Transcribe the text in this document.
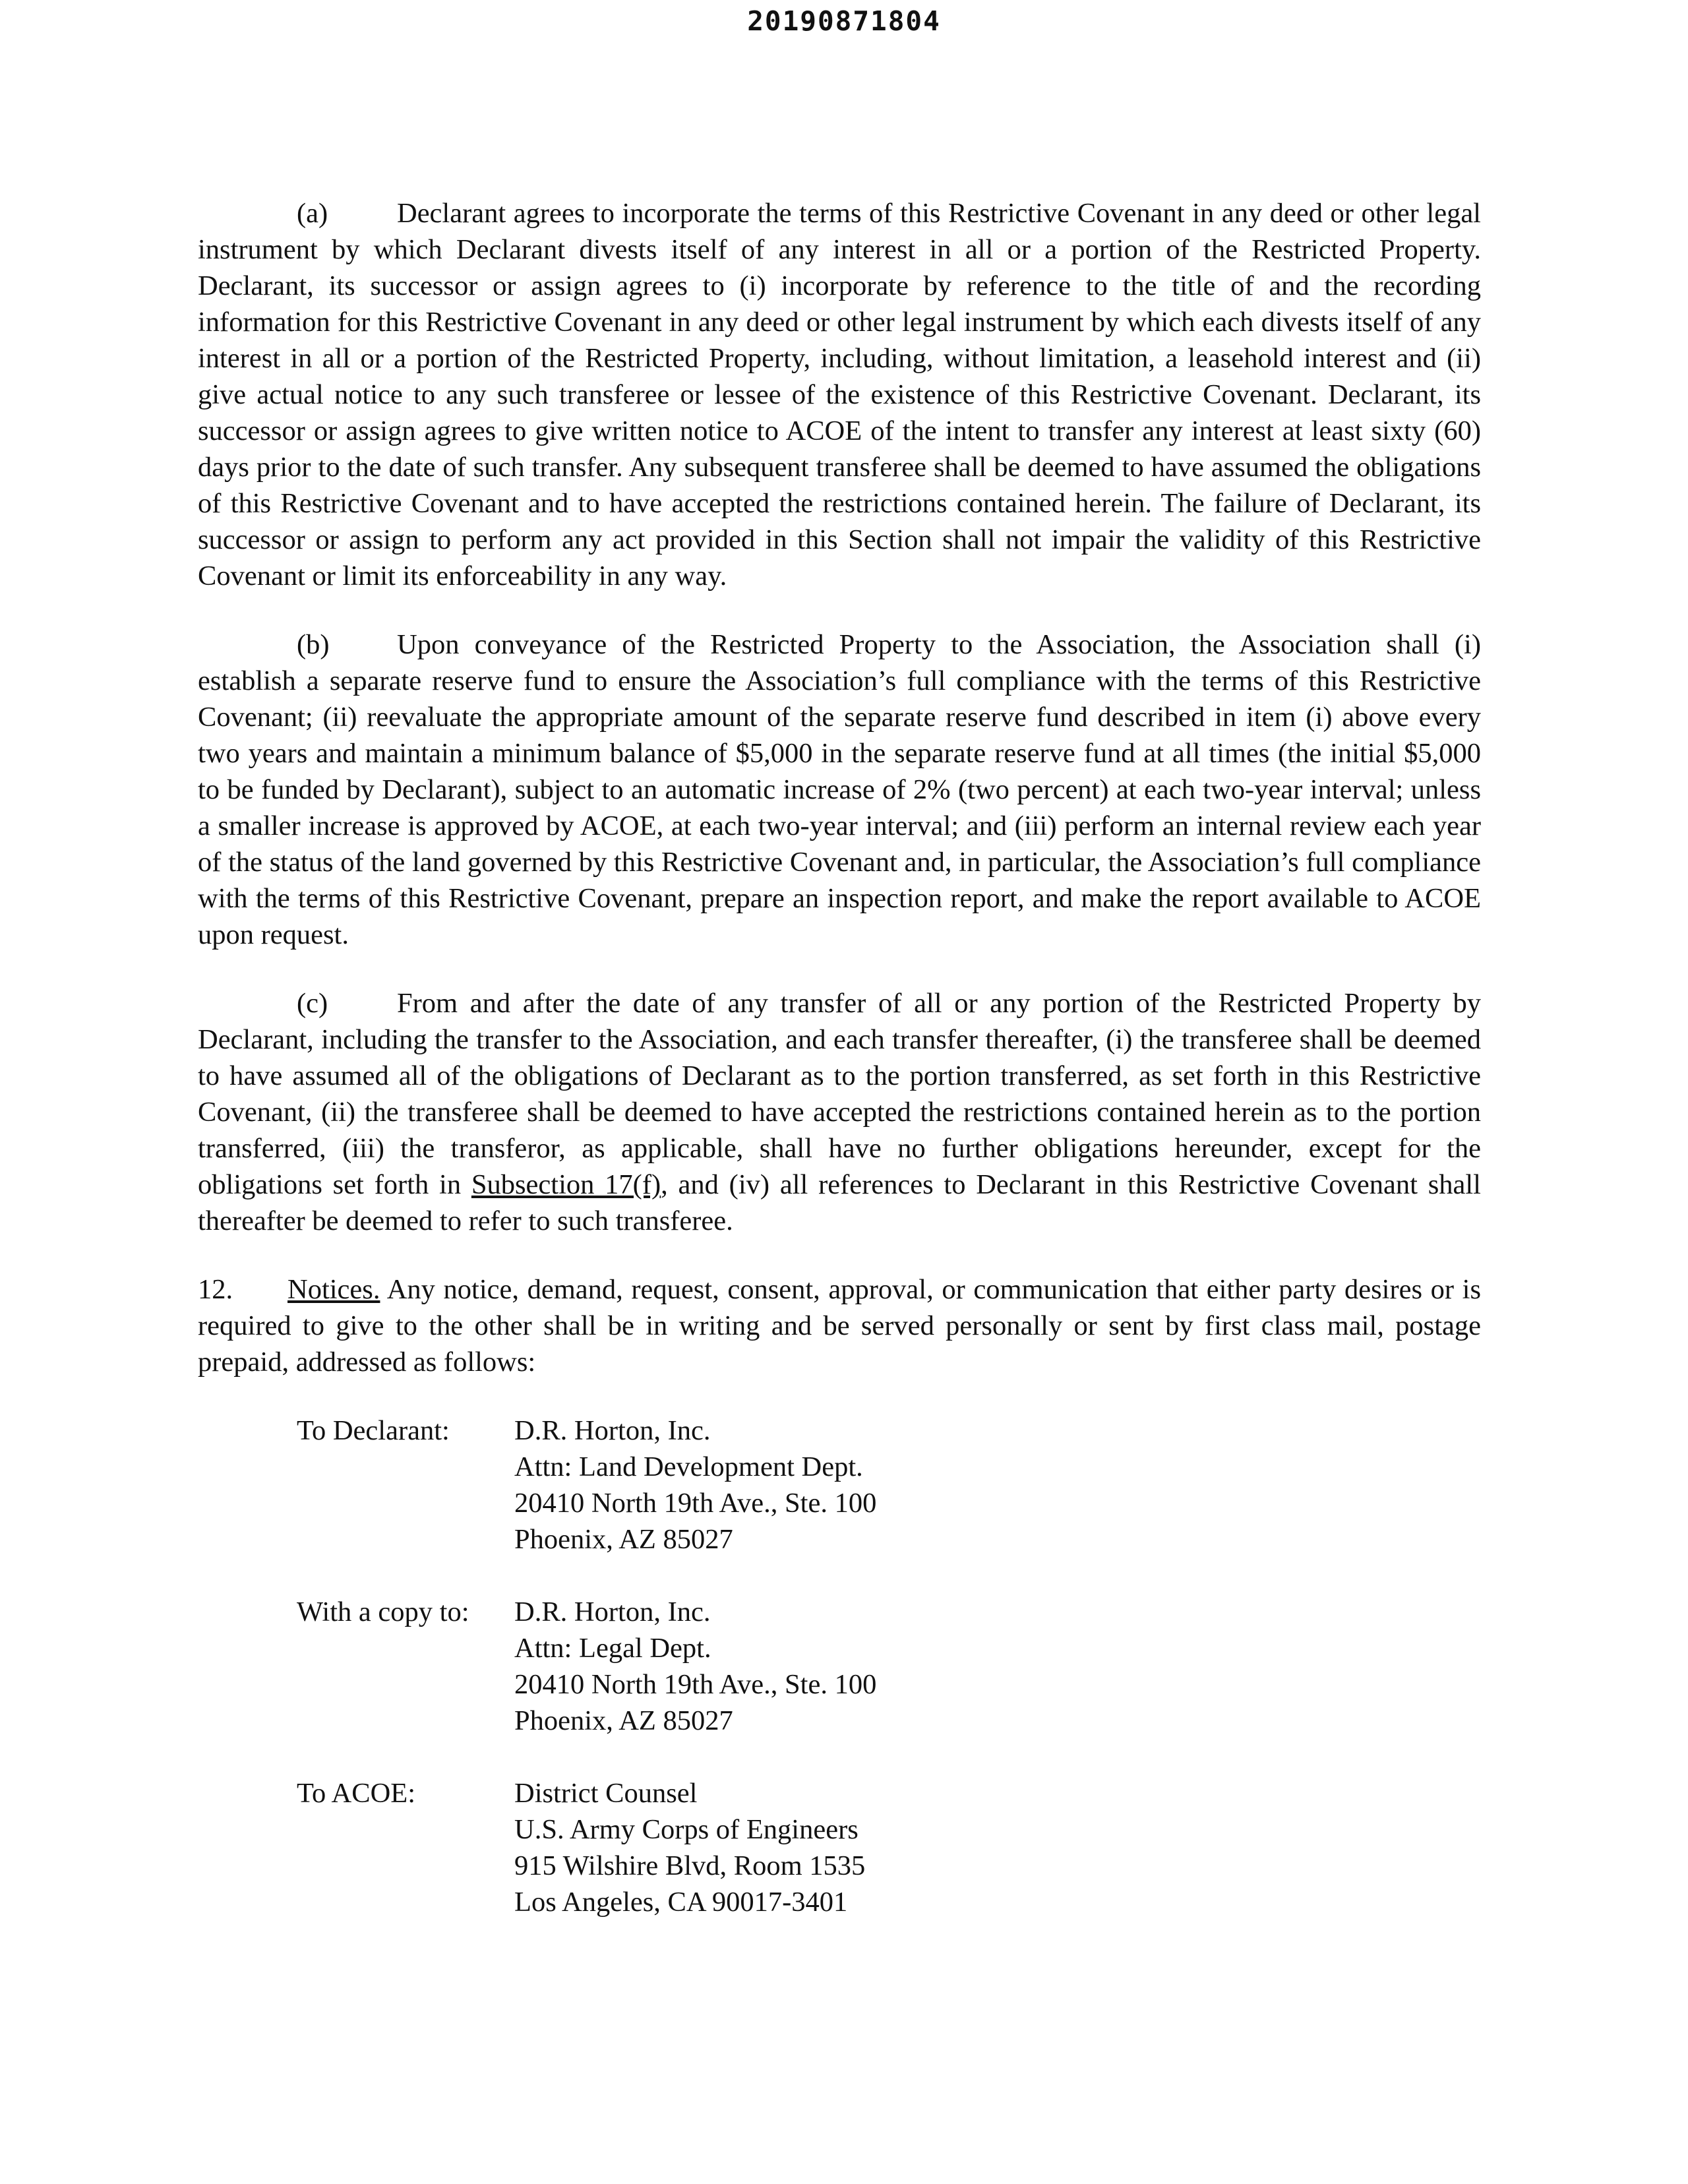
20190871804

(a) Declarant agrees to incorporate the terms of this Restrictive Covenant in any deed or other legal instrument by which Declarant divests itself of any interest in all or a portion of the Restricted Property. Declarant, its successor or assign agrees to (i) incorporate by reference to the title of and the recording information for this Restrictive Covenant in any deed or other legal instrument by which each divests itself of any interest in all or a portion of the Restricted Property, including, without limitation, a leasehold interest and (ii) give actual notice to any such transferee or lessee of the existence of this Restrictive Covenant. Declarant, its successor or assign agrees to give written notice to ACOE of the intent to transfer any interest at least sixty (60) days prior to the date of such transfer. Any subsequent transferee shall be deemed to have assumed the obligations of this Restrictive Covenant and to have accepted the restrictions contained herein. The failure of Declarant, its successor or assign to perform any act provided in this Section shall not impair the validity of this Restrictive Covenant or limit its enforceability in any way.

(b) Upon conveyance of the Restricted Property to the Association, the Association shall (i) establish a separate reserve fund to ensure the Association’s full compliance with the terms of this Restrictive Covenant; (ii) reevaluate the appropriate amount of the separate reserve fund described in item (i) above every two years and maintain a minimum balance of $5,000 in the separate reserve fund at all times (the initial $5,000 to be funded by Declarant), subject to an automatic increase of 2% (two percent) at each two-year interval; unless a smaller increase is approved by ACOE, at each two-year interval; and (iii) perform an internal review each year of the status of the land governed by this Restrictive Covenant and, in particular, the Association’s full compliance with the terms of this Restrictive Covenant, prepare an inspection report, and make the report available to ACOE upon request.

(c) From and after the date of any transfer of all or any portion of the Restricted Property by Declarant, including the transfer to the Association, and each transfer thereafter, (i) the transferee shall be deemed to have assumed all of the obligations of Declarant as to the portion transferred, as set forth in this Restrictive Covenant, (ii) the transferee shall be deemed to have accepted the restrictions contained herein as to the portion transferred, (iii) the transferor, as applicable, shall have no further obligations hereunder, except for the obligations set forth in Subsection 17(f), and (iv) all references to Declarant in this Restrictive Covenant shall thereafter be deemed to refer to such transferee.

12. Notices. Any notice, demand, request, consent, approval, or communication that either party desires or is required to give to the other shall be in writing and be served personally or sent by first class mail, postage prepaid, addressed as follows:

To Declarant:	D.R. Horton, Inc.
Attn: Land Development Dept.
20410 North 19th Ave., Ste. 100
Phoenix, AZ 85027
With a copy to:	D.R. Horton, Inc.
Attn: Legal Dept.
20410 North 19th Ave., Ste. 100
Phoenix, AZ 85027
To ACOE:	District Counsel
U.S. Army Corps of Engineers
915 Wilshire Blvd, Room 1535
Los Angeles, CA 90017-3401
